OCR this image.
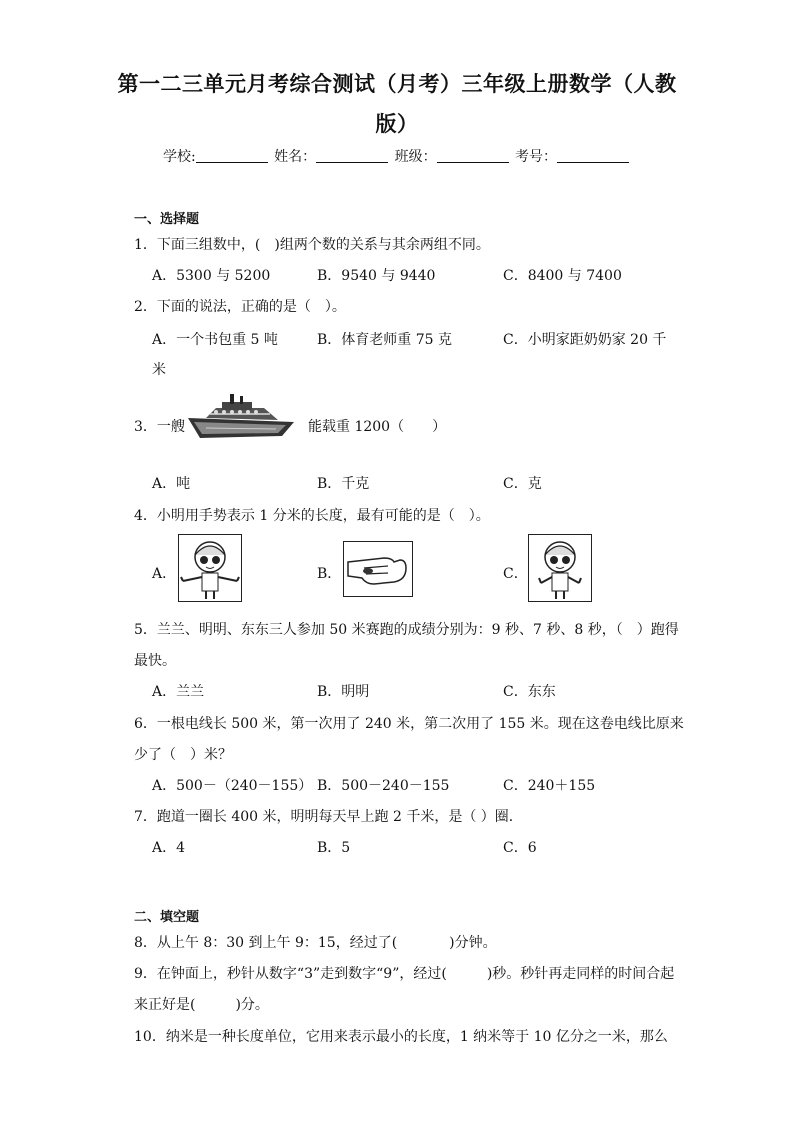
第一二三单元月考综合测试（月考）三年级上册数学（人教
版）
学校:	姓名：	班级：	考号：
一、选择题
1．下面三组数中，( )组两个数的关系与其余两组不同。
A．5300 与 5200	B．9540 与 9440	C．8400 与 7400
2．下面的说法，正确的是（　）。
A．一个书包重 5 吨	B．体育老师重 75 克	C．小明家距奶奶家 20 千
米
3．一艘	能载重 1200（　　）
A．吨	B．千克	C．克
4．小明用手势表示 1 分米的长度，最有可能的是（　）。
A．	B．	C．
5．兰兰、明明、东东三人参加 50 米赛跑的成绩分别为：9 秒、7 秒、8 秒，（　）跑得
最快。
A．兰兰	B．明明	C．东东
6．一根电线长 500 米，第一次用了 240 米，第二次用了 155 米。现在这卷电线比原来
少了（　）米？
A．500－（240－155） B．500－240－155	C．240＋155
7．跑道一圈长 400 米，明明每天早上跑 2 千米，是（ ）圈．
A．4	B．5	C．6
二、填空题
8．从上午 8：30 到上午 9：15，经过了(	)分钟。
9．在钟面上，秒针从数字“3”走到数字“9”，经过(	)秒。秒针再走同样的时间合起
来正好是(	)分。
10．纳米是一种长度单位，它用来表示最小的长度，1 纳米等于 10 亿分之一米，那么
